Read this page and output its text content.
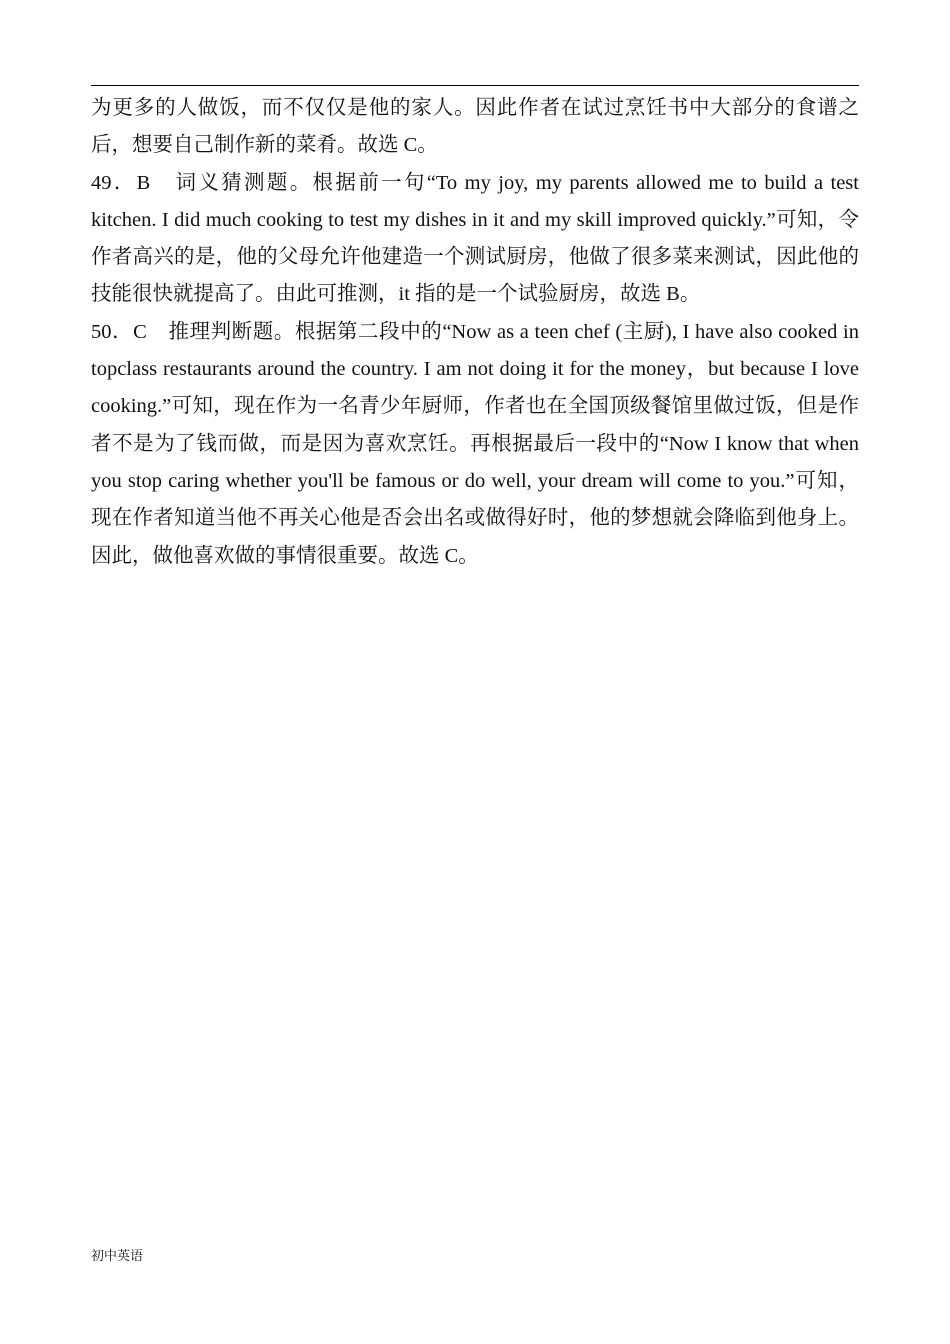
为更多的人做饭，而不仅仅是他的家人。因此作者在试过烹饪书中大部分的食谱之后，想要自己制作新的菜肴。故选 C。

49．B　词义猜测题。根据前一句“To my joy, my parents allowed me to build a test kitchen. I did much cooking to test my dishes in it and my skill improved quickly.”可知，令作者高兴的是，他的父母允许他建造一个测试厨房，他做了很多菜来测试，因此他的技能很快就提高了。由此可推测，it 指的是一个试验厨房，故选 B。

50．C　推理判断题。根据第二段中的“Now as a teen chef (主厨), I have also cooked in topclass restaurants around the country. I am not doing it for the money，but because I love cooking.”可知，现在作为一名青少年厨师，作者也在全国顶级餐馆里做过饭，但是作者不是为了钱而做，而是因为喜欢烹饪。再根据最后一段中的“Now I know that when you stop caring whether you'll be famous or do well, your dream will come to you.”可知，现在作者知道当他不再关心他是否会出名或做得好时，他的梦想就会降临到他身上。因此，做他喜欢做的事情很重要。故选 C。

初中英语
